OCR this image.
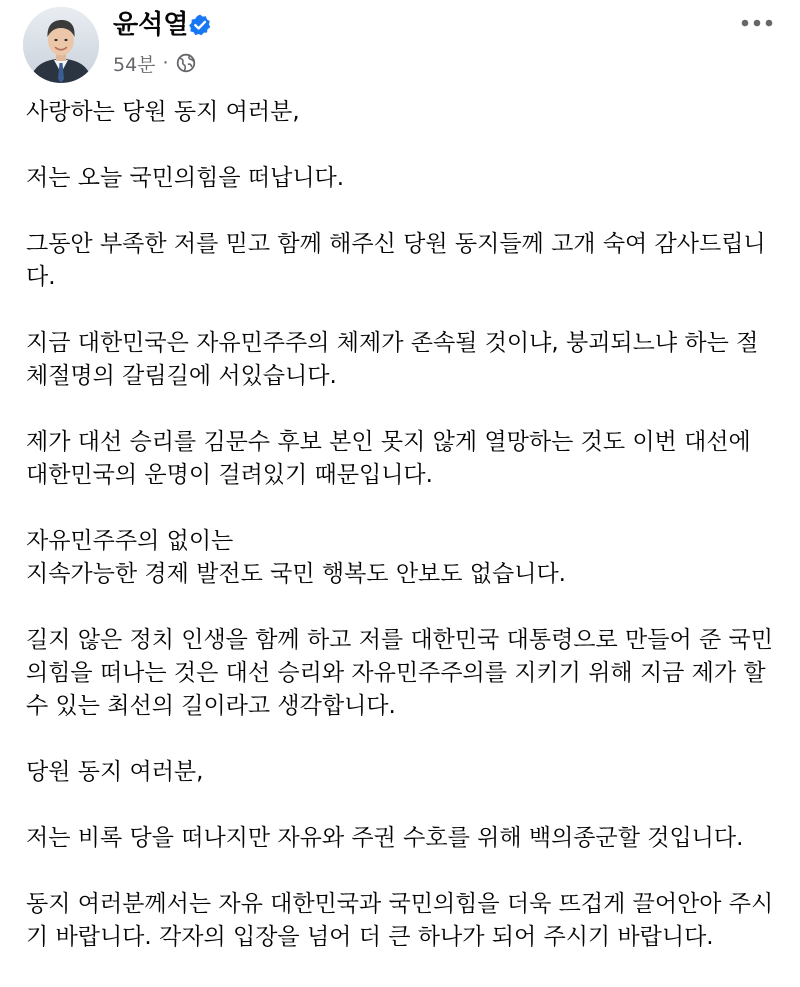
윤석열
54분 ·

사랑하는 당원 동지 여러분,

저는 오늘 국민의힘을 떠납니다.

그동안 부족한 저를 믿고 함께 해주신 당원 동지들께 고개 숙여 감사드립니
다.

지금 대한민국은 자유민주주의 체제가 존속될 것이냐, 붕괴되느냐 하는 절
체절명의 갈림길에 서있습니다.

제가 대선 승리를 김문수 후보 본인 못지 않게 열망하는 것도 이번 대선에
대한민국의 운명이 걸려있기 때문입니다.

자유민주주의 없이는
지속가능한 경제 발전도 국민 행복도 안보도 없습니다.

길지 않은 정치 인생을 함께 하고 저를 대한민국 대통령으로 만들어 준 국민
의힘을 떠나는 것은 대선 승리와 자유민주주의를 지키기 위해 지금 제가 할
수 있는 최선의 길이라고 생각합니다.

당원 동지 여러분,

저는 비록 당을 떠나지만 자유와 주권 수호를 위해 백의종군할 것입니다.

동지 여러분께서는 자유 대한민국과 국민의힘을 더욱 뜨겁게 끌어안아 주시
기 바랍니다. 각자의 입장을 넘어 더 큰 하나가 되어 주시기 바랍니다.
